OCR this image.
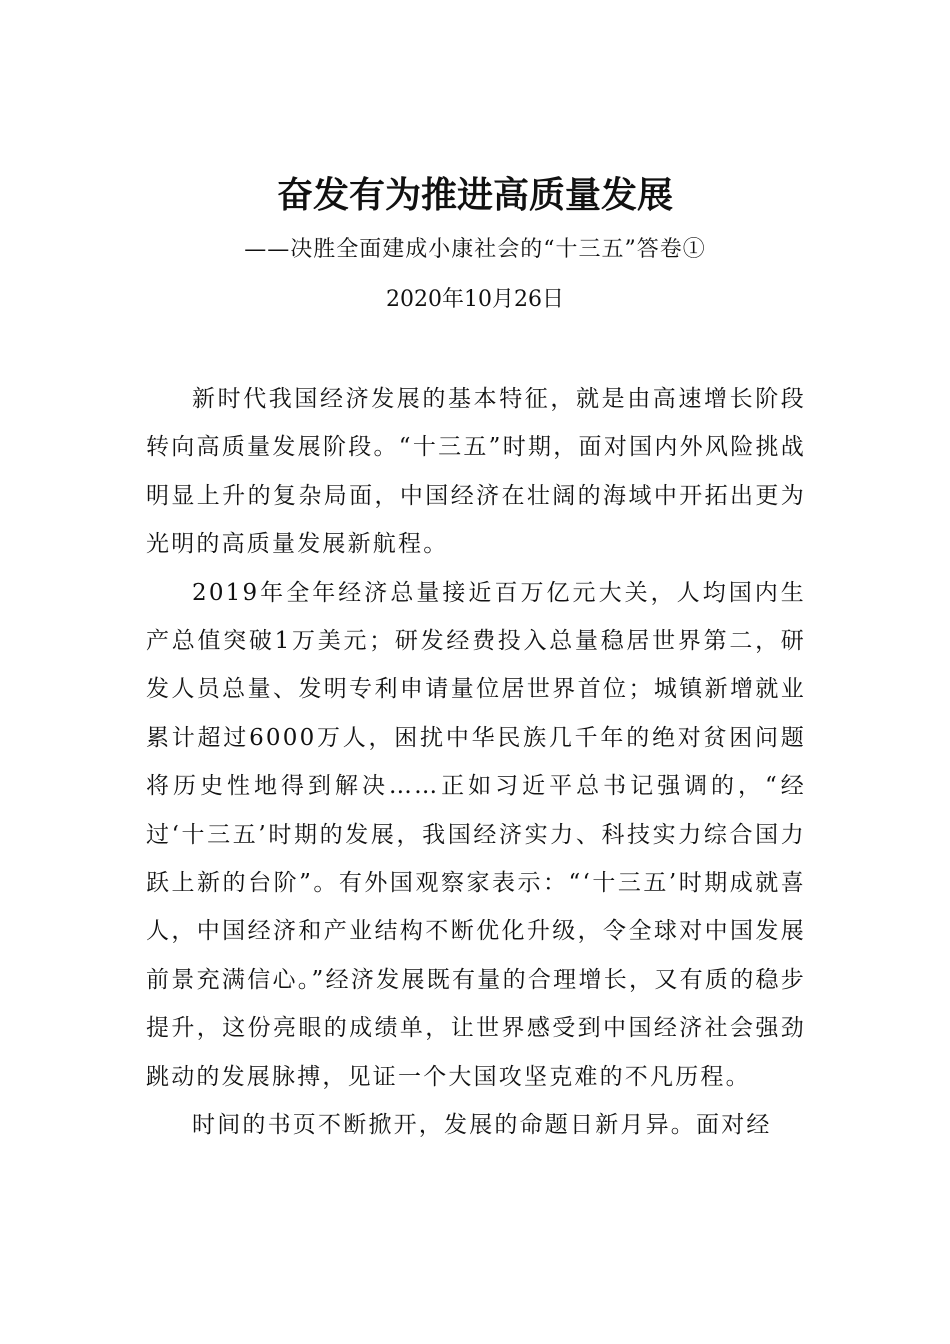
奋发有为推进高质量发展
——决胜全面建成小康社会的“十三五”答卷①
2020年10月26日

新时代我国经济发展的基本特征，就是由高速增长阶段转向高质量发展阶段。“十三五”时期，面对国内外风险挑战明显上升的复杂局面，中国经济在壮阔的海域中开拓出更为光明的高质量发展新航程。

2019年全年经济总量接近百万亿元大关，人均国内生产总值突破1万美元；研发经费投入总量稳居世界第二，研发人员总量、发明专利申请量位居世界首位；城镇新增就业累计超过6000万人，困扰中华民族几千年的绝对贫困问题将历史性地得到解决……正如习近平总书记强调的，“经过‘十三五’时期的发展，我国经济实力、科技实力综合国力跃上新的台阶”。有外国观察家表示：“‘十三五’时期成就喜人，中国经济和产业结构不断优化升级，令全球对中国发展前景充满信心。”经济发展既有量的合理增长，又有质的稳步提升，这份亮眼的成绩单，让世界感受到中国经济社会强劲跳动的发展脉搏，见证一个大国攻坚克难的不凡历程。

时间的书页不断掀开，发展的命题日新月异。面对经
